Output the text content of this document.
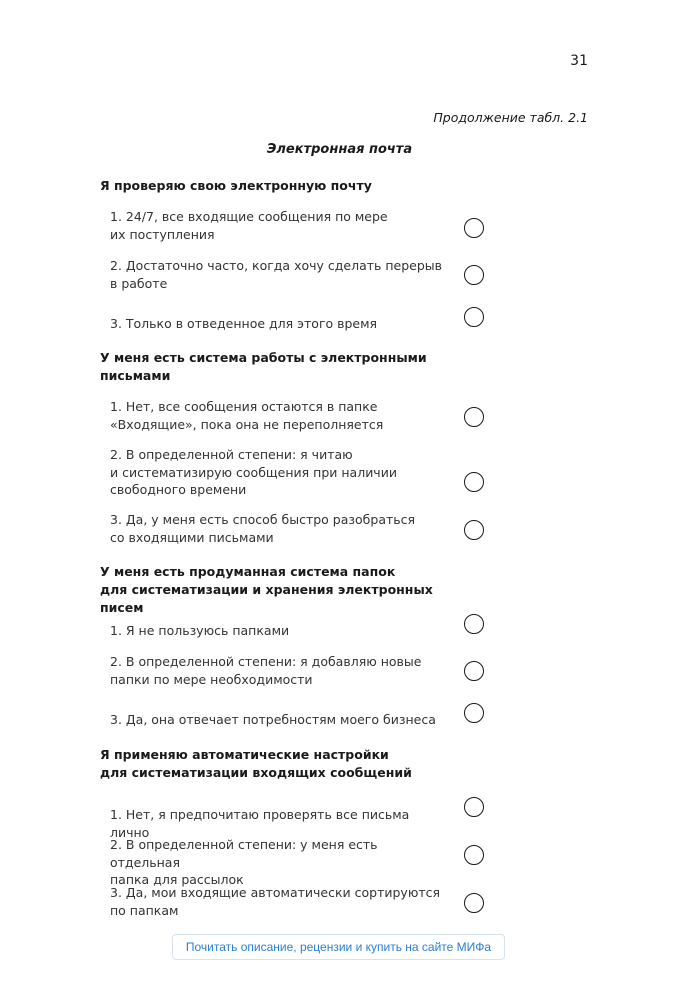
31
Продолжение табл. 2.1
Электронная почта
Я проверяю свою электронную почту
1. 24/7, все входящие сообщения по мере
их поступления
2. Достаточно часто, когда хочу сделать перерыв
в работе
3. Только в отведенное для этого время
У меня есть система работы с электронными
письмами
1. Нет, все сообщения остаются в папке
«Входящие», пока она не переполняется
2. В определенной степени: я читаю
и систематизирую сообщения при наличии
свободного времени
3. Да, у меня есть способ быстро разобраться
со входящими письмами
У меня есть продуманная система папок
для систематизации и хранения электронных писем
1. Я не пользуюсь папками
2. В определенной степени: я добавляю новые
папки по мере необходимости
3. Да, она отвечает потребностям моего бизнеса
Я применяю автоматические настройки
для систематизации входящих сообщений
1. Нет, я предпочитаю проверять все письма лично
2. В определенной степени: у меня есть отдельная
папка для рассылок
3. Да, мои входящие автоматически сортируются
по папкам
Почитать описание, рецензии и купить на сайте МИФа
